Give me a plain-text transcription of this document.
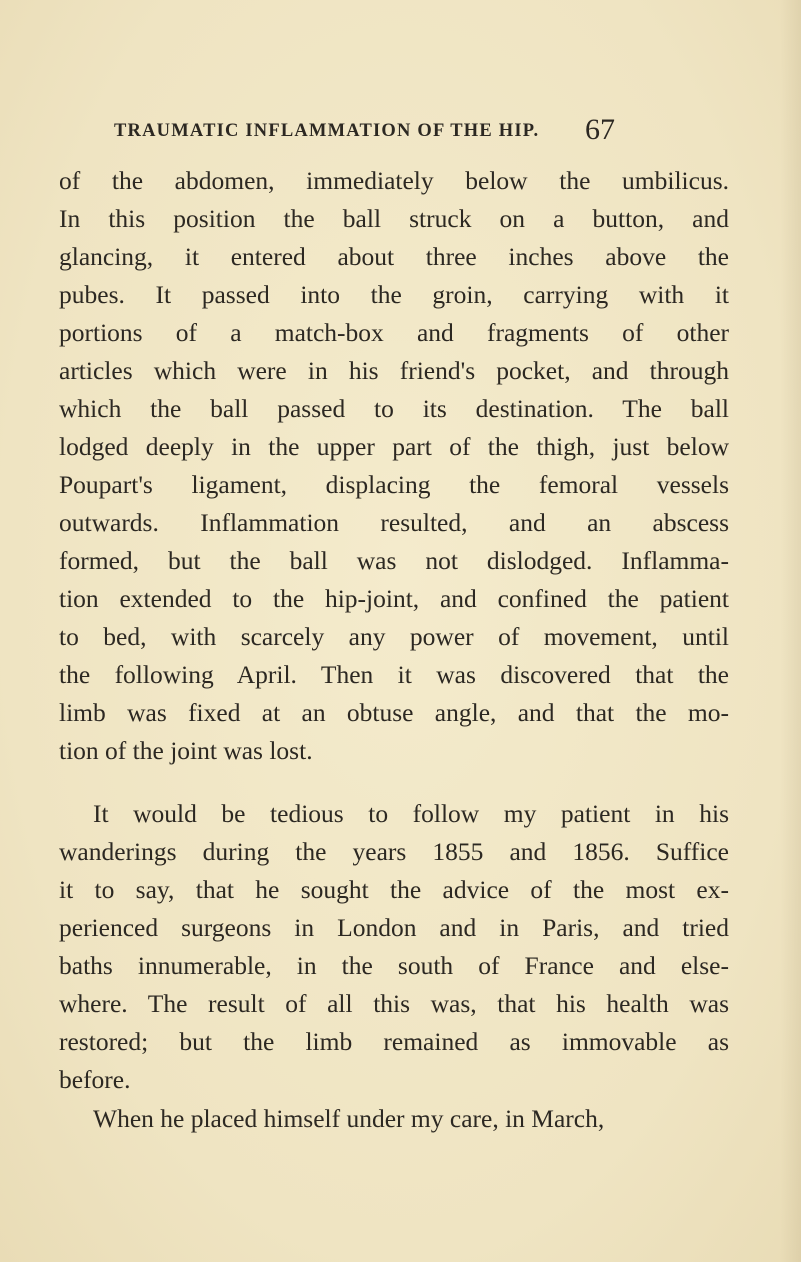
TRAUMATIC INFLAMMATION OF THE HIP. 67
of the abdomen, immediately below the umbilicus.
In this position the ball struck on a button, and
glancing, it entered about three inches above the
pubes. It passed into the groin, carrying with it
portions of a match-box and fragments of other
articles which were in his friend's pocket, and through
which the ball passed to its destination. The ball
lodged deeply in the upper part of the thigh, just below
Poupart's ligament, displacing the femoral vessels
outwards. Inflammation resulted, and an abscess
formed, but the ball was not dislodged. Inflamma-
tion extended to the hip-joint, and confined the patient
to bed, with scarcely any power of movement, until
the following April. Then it was discovered that the
limb was fixed at an obtuse angle, and that the mo-
tion of the joint was lost.
It would be tedious to follow my patient in his
wanderings during the years 1855 and 1856. Suffice
it to say, that he sought the advice of the most ex-
perienced surgeons in London and in Paris, and tried
baths innumerable, in the south of France and else-
where. The result of all this was, that his health was
restored; but the limb remained as immovable as
before.
When he placed himself under my care, in March,
